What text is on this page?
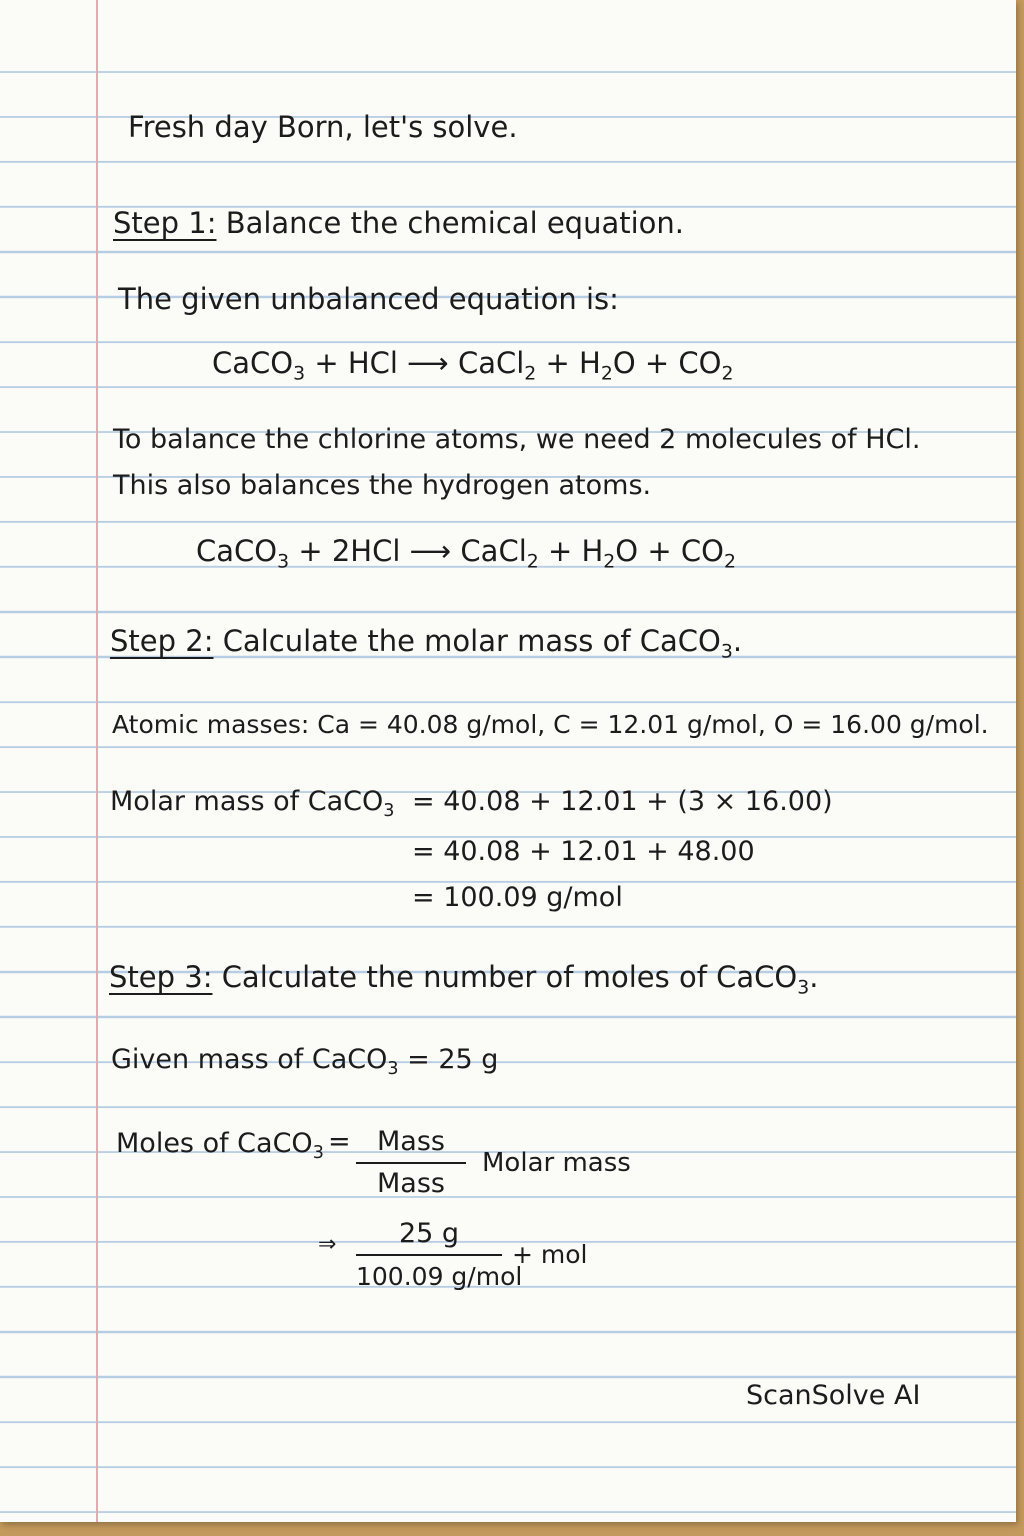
Fresh day Born, let's solve.
Step 1: Balance the chemical equation.
The given unbalanced equation is:
CaCO$_3$ + HCl ⟶ CaCl$_2$ + $H_2O + CO_2$
To balance the chlorine atoms, we need 2 molecules of HCl.
This also balances the hydrogen atoms.
CaCO$_3$ + 2HCl ⟶ CaCl$_2$ + $H_2O + CO_2$
Step 2: Calculate the molar mass of CaCO$_3$.
Atomic masses: Ca = 40.08 g/mol, C = 12.01 g/mol, O = 16.00 g/mol.
Molar mass of CaCO$_3$ = 40.08 + 12.01 + (3 × 16.00)
= 40.08 + 12.01 + 48.00
= 100.09 g/mol
Step 3: Calculate the number of moles of CaCO$_3$.
Given mass of CaCO$_3$ = 25 g
Moles of CaCO$_3$ = Mass
Mass
Molar mass
⇒	25 g
100.09 g/mol
+ mol
ScanSolve AI
